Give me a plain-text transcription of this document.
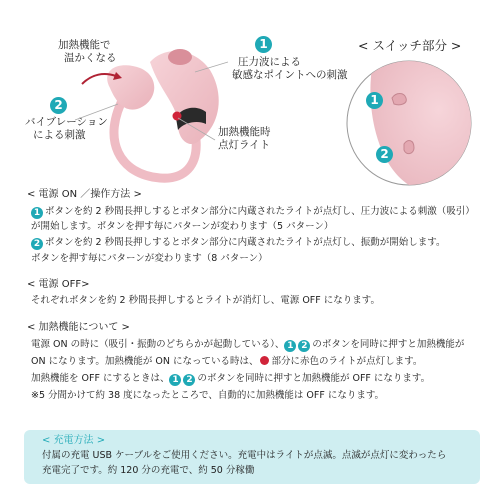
加熱機能で
温かくなる
1
圧力波による
敏感なポイントへの刺激
2
バイブレーション
による刺激	加熱機能時
点灯ライト
< スイッチ部分 >
1
2
< 電源 ON ／操作方法 >
1 ボタンを約 2 秒間長押しするとボタン部分に内蔵されたライトが点灯し、圧力波による刺激（吸引）
が開始します。ボタンを押す毎にパターンが変わります（5 パターン）
2 ボタンを約 2 秒間長押しするとボタン部分に内蔵されたライトが点灯し、振動が開始します。
ボタンを押す毎にパターンが変わります（8 パターン）
< 電源 OFF>
それぞれボタンを約 2 秒間長押しするとライトが消灯し、電源 OFF になります。
< 加熱機能について >
電源 ON の時に（吸引・振動のどちらかが起動している）、 1 2 のボタンを同時に押すと加熱機能が
ON になります。加熱機能が ON になっている時は、 部分に赤色のライトが点灯します。
加熱機能を OFF にするときは、 1 2 のボタンを同時に押すと加熱機能が OFF になります。
※5 分間かけて約 38 度になったところで、自動的に加熱機能は OFF になります。
< 充電方法 >
付属の充電 USB ケーブルをご使用ください。充電中はライトが点滅。点滅が点灯に変わったら
充電完了です。約 120 分の充電で、約 50 分稼働
